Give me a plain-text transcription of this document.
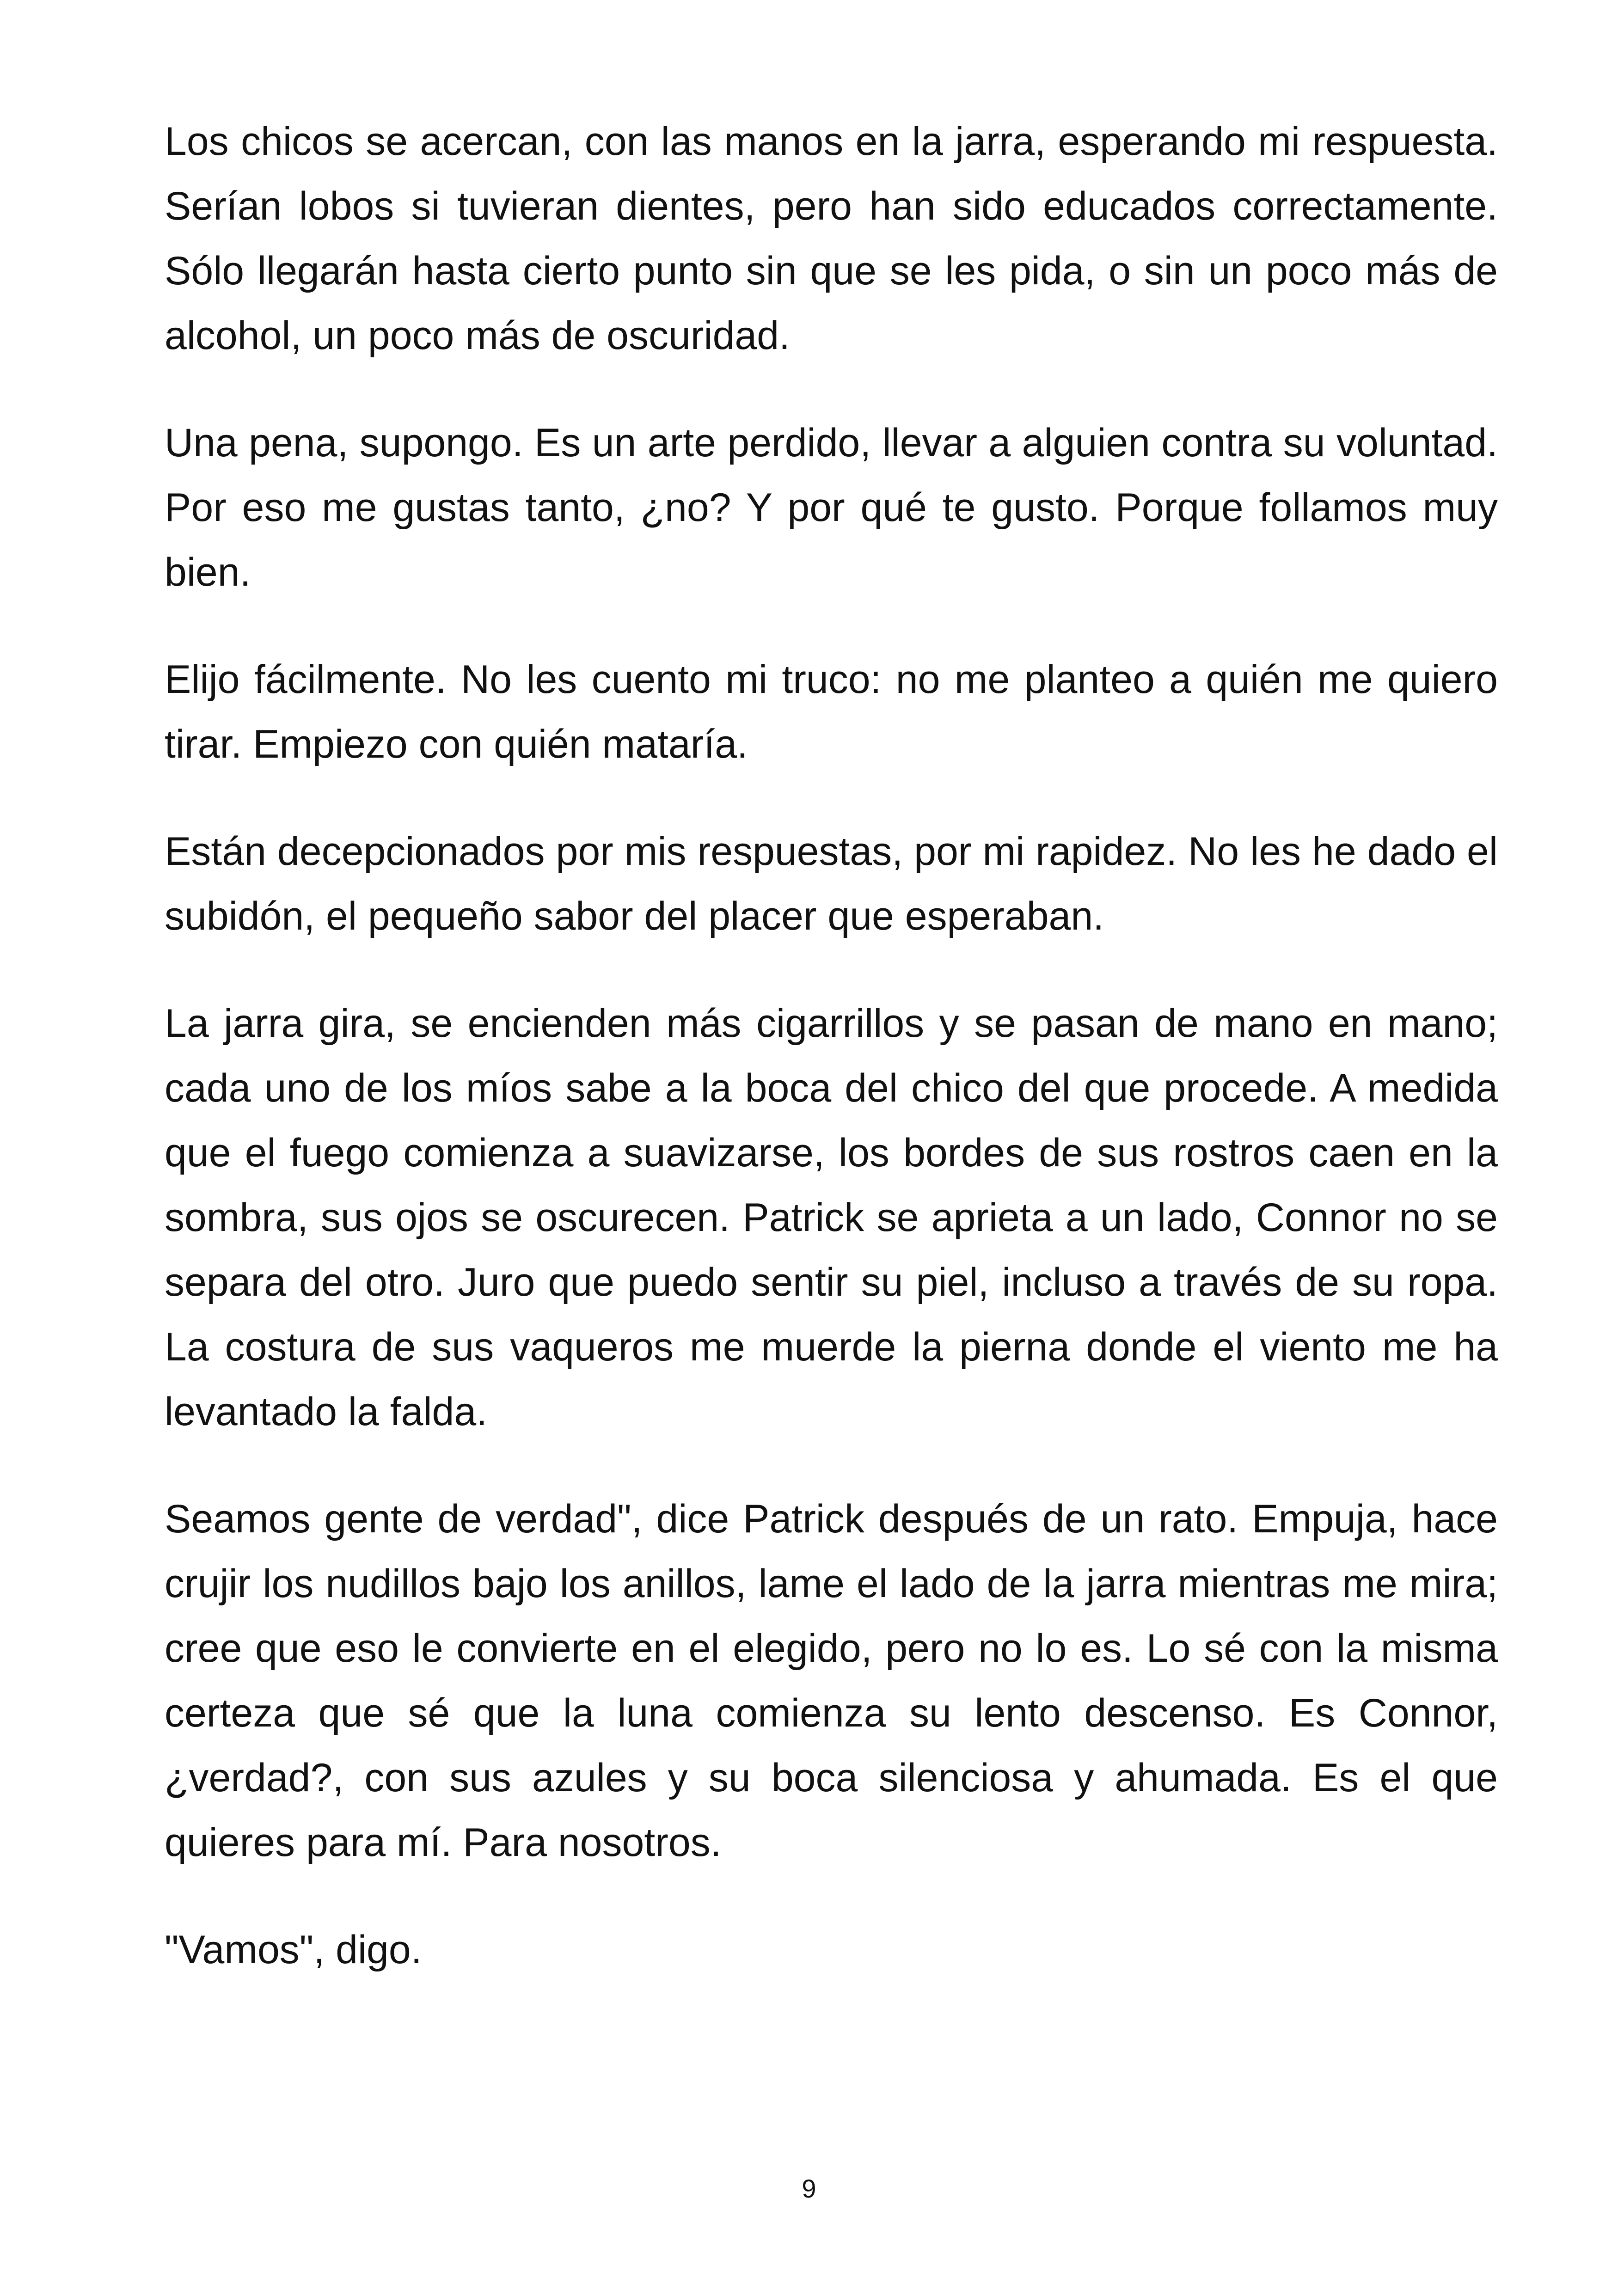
Los chicos se acercan, con las manos en la jarra, esperando mi respuesta. Serían lobos si tuvieran dientes, pero han sido educados correctamente. Sólo llegarán hasta cierto punto sin que se les pida, o sin un poco más de alcohol, un poco más de oscuridad.

Una pena, supongo. Es un arte perdido, llevar a alguien contra su voluntad. Por eso me gustas tanto, ¿no? Y por qué te gusto. Porque follamos muy bien.

Elijo fácilmente. No les cuento mi truco: no me planteo a quién me quiero tirar. Empiezo con quién mataría.

Están decepcionados por mis respuestas, por mi rapidez. No les he dado el subidón, el pequeño sabor del placer que esperaban.

La jarra gira, se encienden más cigarrillos y se pasan de mano en mano; cada uno de los míos sabe a la boca del chico del que procede. A medida que el fuego comienza a suavizarse, los bordes de sus rostros caen en la sombra, sus ojos se oscurecen. Patrick se aprieta a un lado, Connor no se separa del otro. Juro que puedo sentir su piel, incluso a través de su ropa. La costura de sus vaqueros me muerde la pierna donde el viento me ha levantado la falda.

Seamos gente de verdad", dice Patrick después de un rato. Empuja, hace crujir los nudillos bajo los anillos, lame el lado de la jarra mientras me mira; cree que eso le convierte en el elegido, pero no lo es. Lo sé con la misma certeza que sé que la luna comienza su lento descenso. Es Connor, ¿verdad?, con sus azules y su boca silenciosa y ahumada. Es el que quieres para mí. Para nosotros.

"Vamos", digo.

9
